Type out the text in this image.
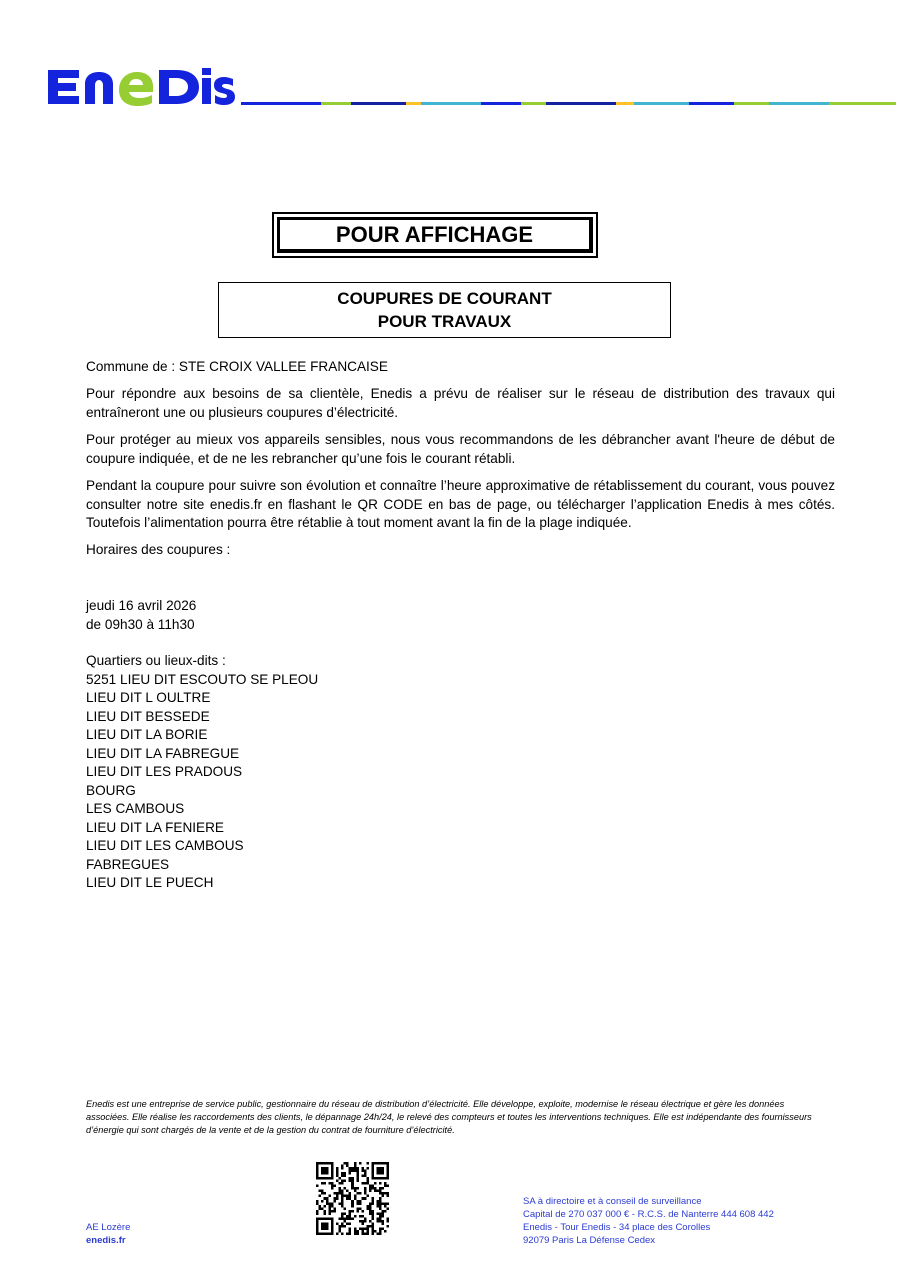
POUR AFFICHAGE
COUPURES DE COURANT
POUR TRAVAUX
Commune de : STE CROIX VALLEE FRANCAISE

Pour répondre aux besoins de sa clientèle, Enedis a prévu de réaliser sur le réseau de distribution des travaux qui entraîneront une ou plusieurs coupures d’électricité.

Pour protéger au mieux vos appareils sensibles, nous vous recommandons de les débrancher avant l'heure de début de coupure indiquée, et de ne les rebrancher qu’une fois le courant rétabli.

Pendant la coupure pour suivre son évolution et connaître l’heure approximative de rétablissement du courant, vous pouvez consulter notre site enedis.fr en flashant le QR CODE en bas de page, ou télécharger l’application Enedis à mes côtés. Toutefois l’alimentation pourra être rétablie à tout moment avant la fin de la plage indiquée.

Horaires des coupures :
jeudi 16 avril 2026
de 09h30 à 11h30
Quartiers ou lieux-dits :
5251 LIEU DIT ESCOUTO SE PLEOU
LIEU DIT L OULTRE
LIEU DIT BESSEDE
LIEU DIT LA BORIE
LIEU DIT LA FABREGUE
LIEU DIT LES PRADOUS
BOURG
LES CAMBOUS
LIEU DIT LA FENIERE
LIEU DIT LES CAMBOUS
FABREGUES
LIEU DIT LE PUECH
Enedis est une entreprise de service public, gestionnaire du réseau de distribution d’électricité. Elle développe, exploite, modernise le réseau électrique et gère les données associées. Elle réalise les raccordements des clients, le dépannage 24h/24, le relevé des compteurs et toutes les interventions techniques. Elle est indépendante des fournisseurs d’énergie qui sont chargés de la vente et de la gestion du contrat de fourniture d’électricité.
AE Lozère
enedis.fr
SA à directoire et à conseil de surveillance
Capital de 270 037 000 € - R.C.S. de Nanterre 444 608 442
Enedis - Tour Enedis - 34 place des Corolles
92079 Paris La Défense Cedex
